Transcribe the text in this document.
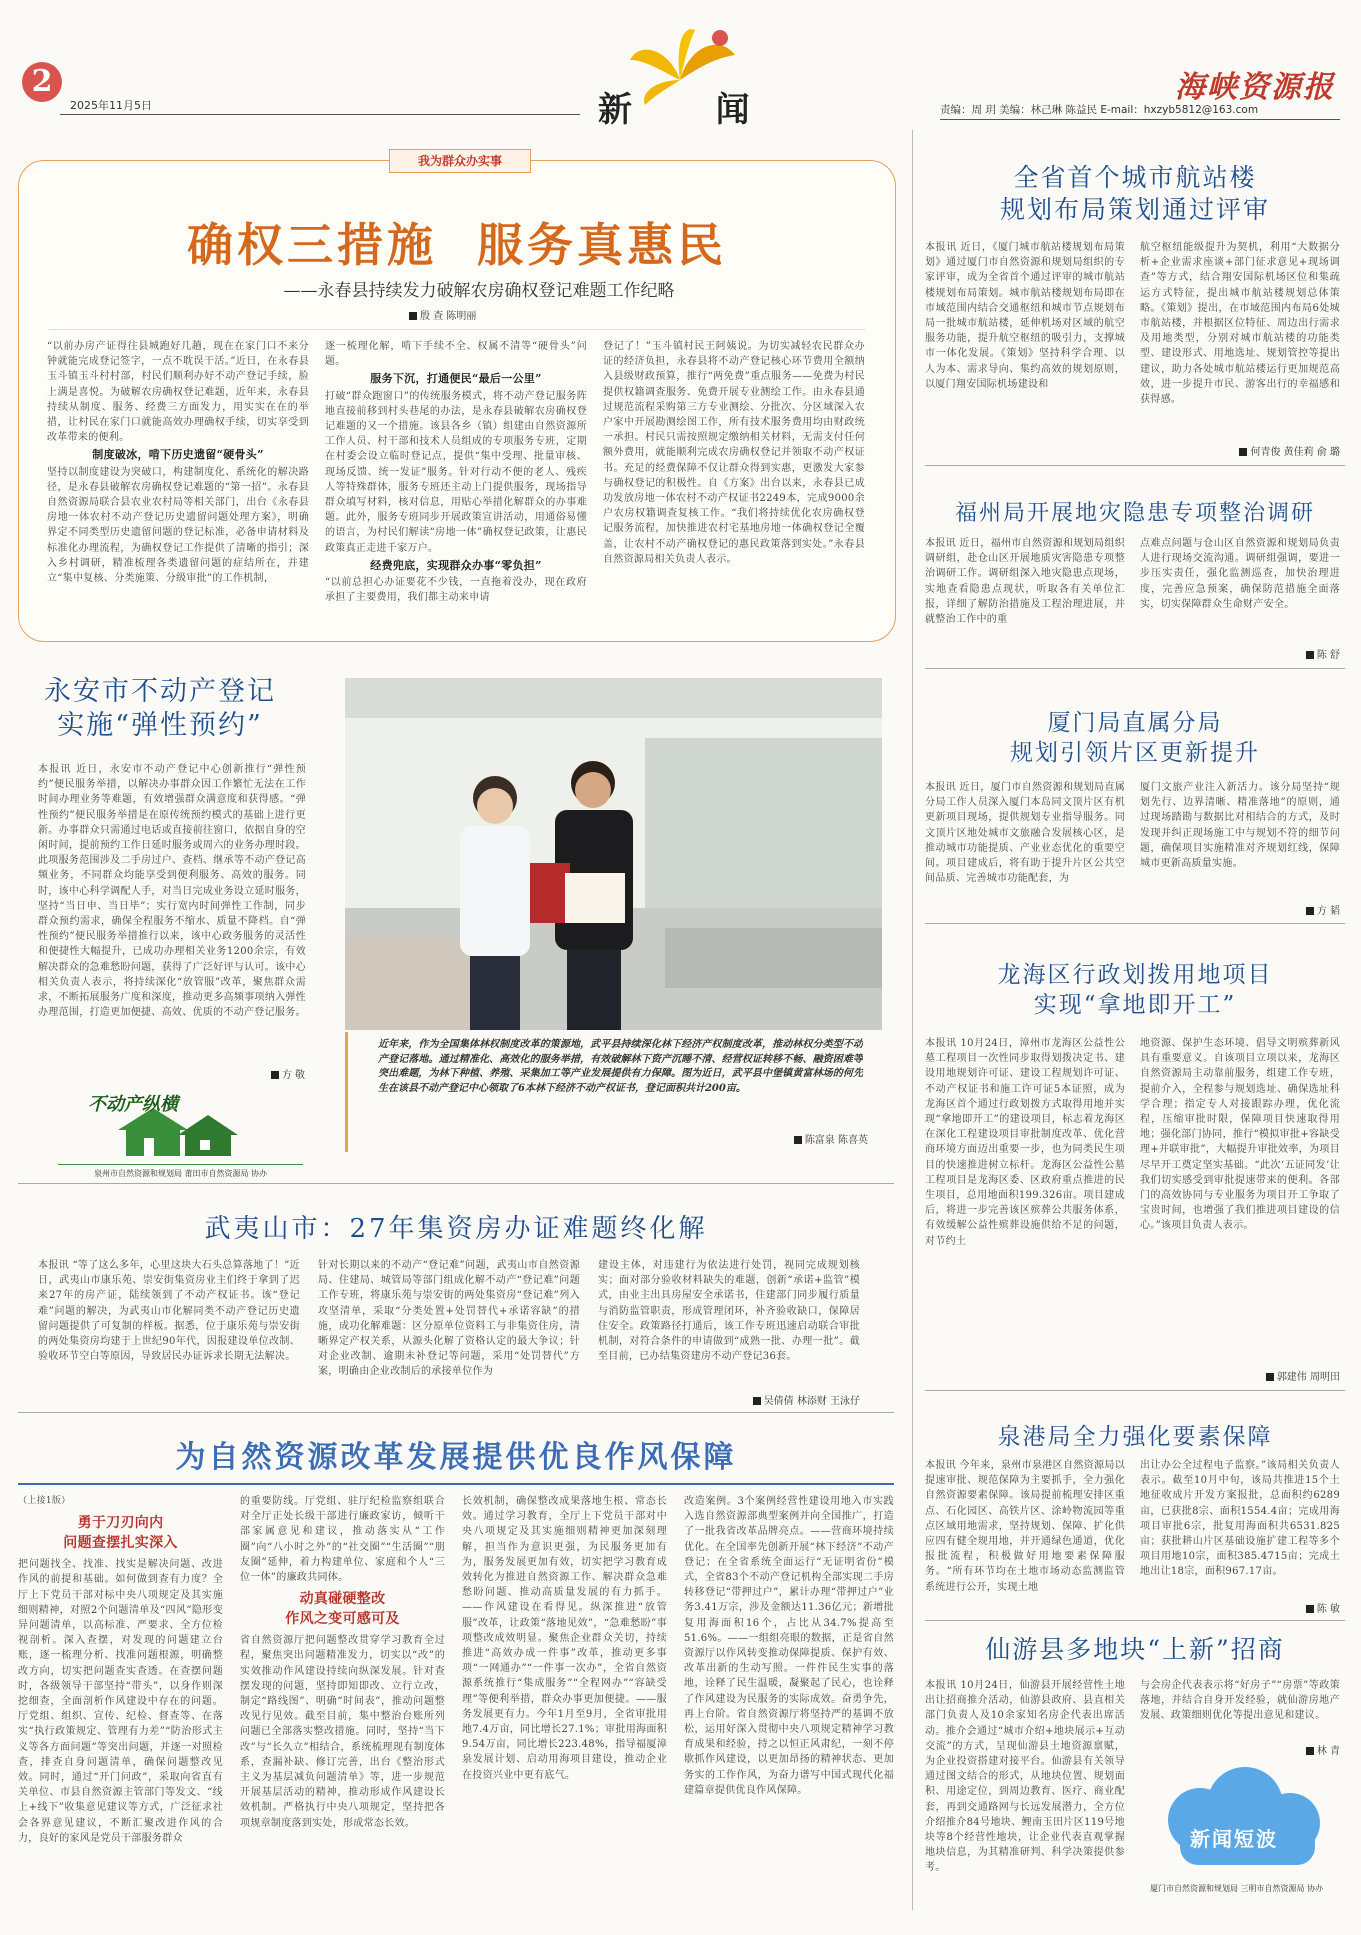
2
2025年11月5日	新  闻
海峡资源报
责编：周 玥 美编：林己琳 陈益民 E-mail：hxzyb5812@163.com
我为群众办实事
确权三措施  服务真惠民
——永春县持续发力破解农房确权登记难题工作纪略
殷 查 陈明丽
“以前办房产证得往县城跑好几趟，现在在家门口不来分钟就能完成登记签字，一点不耽误干活。”近日，在永春县玉斗镇玉斗村村部，村民们顺利办好不动产登记手续，脸上满是喜悦。为破解农房确权登记难题，近年来，永春县持续从制度、服务、经费三方面发力，用实实在在的举措，让村民在家门口就能高效办理确权手续，切实享受到改革带来的便利。
制度破冰，啃下历史遗留“硬骨头”
坚持以制度建设为突破口，构建制度化、系统化的解决路径，是永春县破解农房确权登记难题的“第一招”。永春县自然资源局联合县农业农村局等相关部门，出台《永春县房地一体农村不动产登记历史遗留问题处理方案》，明确界定不同类型历史遗留问题的登记标准，必备申请材料及标准化办理流程，为确权登记工作提供了清晰的指引；深入乡村调研，精准梳理各类遗留问题的症结所在，并建立“集中复核、分类施策、分级审批”的工作机制，
逐一梳理化解，啃下手续不全、权属不清等“硬骨头”问题。
服务下沉，打通便民“最后一公里”
打破“群众跑窗口”的传统服务模式，将不动产登记服务阵地直接前移到村头巷尾的办法，是永春县破解农房确权登记难题的又一个措施。该县各乡（镇）组建由自然资源所工作人员、村干部和技术人员组成的专项服务专班，定期在村委会设立临时登记点，提供“集中受理、批量审核、现场反馈、统一发证”服务。针对行动不便的老人、残疾人等特殊群体，服务专班还主动上门提供服务，现场指导群众填写材料，核对信息，用贴心举措化解群众的办事难题。此外，服务专班同步开展政策宣讲活动，用通俗易懂的语言，为村民们解读“房地一体”确权登记政策，让惠民政策真正走进千家万户。
经费兜底，实现群众办事“零负担”
“以前总担心办证要花不少钱，一直拖着没办，现在政府承担了主要费用，我们都主动来申请
登记了！”玉斗镇村民王阿姨说。为切实减轻农民群众办证的经济负担，永春县将不动产登记核心环节费用全额纳入县级财政预算，推行“两免费”重点服务——免费为村民提供权籍调查服务、免费开展专业测绘工作。由永春县通过规范流程采购第三方专业测绘、分批次、分区域深入农户家中开展勘测绘图工作，所有技术服务费用均由财政统一承担。村民只需按照规定缴纳相关材料，无需支付任何额外费用，就能顺利完成农房确权登记并领取不动产权证书。充足的经费保障不仅让群众得到实惠，更激发大家参与确权登记的积极性。自《方案》出台以来，永春县已成功发放房地一体农村不动产权证书2249本，完成9000余户农房权籍调查复核工作。“我们将持续优化农房确权登记服务流程，加快推进农村宅基地房地一体确权登记全覆盖，让农村不动产确权登记的惠民政策落到实处。”永春县自然资源局相关负责人表示。
全省首个城市航站楼
规划布局策划通过评审
本报讯 近日，《厦门城市航站楼规划布局策划》通过厦门市自然资源和规划局组织的专家评审，成为全省首个通过评审的城市航站楼规划布局策划。城市航站楼规划布局即在市域范围内结合交通枢纽和城市节点规划布局一批城市航站楼，延伸机场对区域的航空服务功能，提升航空枢纽的吸引力，支撑城市一体化发展。《策划》坚持科学合理、以人为本、需求导向、集约高效的规划原则，以厦门翔安国际机场建设和
航空枢纽能级提升为契机，利用“大数据分析+企业需求座谈+部门征求意见+现场调查”等方式，结合翔安国际机场区位和集疏运方式特征，提出城市航站楼规划总体策略。《策划》提出，在市域范围内布局6处城市航站楼，并根据区位特征、周边出行需求及用地类型，分别对城市航站楼的功能类型、建设形式、用地选址、规划管控等提出建议，助力各处城市航站楼运行更加规范高效，进一步提升市民、游客出行的幸福感和获得感。
何青俊 黄佳莉 俞 璐
福州局开展地灾隐患专项整治调研
本报讯 近日，福州市自然资源和规划局组织调研组，赴仓山区开展地质灾害隐患专项整治调研工作。调研组深入地灾隐患点现场，实地查看隐患点现状，听取各有关单位汇报，详细了解防治措施及工程治理进展，并就整治工作中的重
点难点问题与仓山区自然资源和规划局负责人进行现场交流沟通。调研组强调，要进一步压实责任，强化监测巡查，加快治理进度，完善应急预案，确保防范措施全面落实，切实保障群众生命财产安全。
陈 舒
厦门局直属分局
规划引领片区更新提升
本报讯 近日，厦门市自然资源和规划局直属分局工作人员深入厦门本岛同文顶片区有机更新项目现场，提供规划专业指导服务。同文顶片区地处城市文旅融合发展核心区，是推动城市功能提质、产业业态优化的重要空间。项目建成后，将有助于提升片区公共空间品质、完善城市功能配套，为
厦门文旅产业注入新活力。该分局坚持“规划先行、边界清晰、精准落地”的原则，通过现场踏勘与数据比对相结合的方式，及时发现并纠正现场施工中与规划不符的细节问题，确保项目实施精准对齐规划红线，保障城市更新高质量实施。
方 韬
龙海区行政划拨用地项目
实现“拿地即开工”
本报讯 10月24日，漳州市龙海区公益性公墓工程项目一次性同步取得划拨决定书、建设用地规划许可证、建设工程规划许可证、不动产权证书和施工许可证5本证照，成为龙海区首个通过行政划拨方式取得用地并实现“拿地即开工”的建设项目，标志着龙海区在深化工程建设项目审批制度改革、优化营商环境方面迈出重要一步，也为同类民生项目的快速推进树立标杆。龙海区公益性公墓工程项目是龙海区委、区政府重点推进的民生项目，总用地面积199.326亩。项目建成后，将进一步完善该区殡葬公共服务体系，有效缓解公益性殡葬设施供给不足的问题，对节约土
地资源、保护生态环境、倡导文明殡葬新风具有重要意义。自该项目立项以来，龙海区自然资源局主动靠前服务，组建工作专班，提前介入，全程参与规划选址、确保选址科学合理；指定专人对接跟踪办理，优化流程，压缩审批时限，保障项目快速取得用地；强化部门协同，推行“模拟审批+容缺受理+并联审批”，大幅提升审批效率，为项目尽早开工奠定坚实基础。“此次‘五证同发’让我们切实感受到审批提速带来的便利。各部门的高效协同与专业服务为项目开工争取了宝贵时间，也增强了我们推进项目建设的信心。”该项目负责人表示。
郭建伟 周明田
泉港局全力强化要素保障
本报讯 今年来，泉州市泉港区自然资源局以提速审批、规范保障为主要抓手，全力强化自然资源要素保障。该局提前梳理安排区重点、石化园区、高铁片区、涂岭物流园等重点区域用地需求，坚持规划、保障、扩化供应四有健全规用地，并开通绿色通道，优化报批流程，积极做好用地要素保障服务。“所有环节均在土地市场动态监测监管系统进行公开，实现土地
出让办公全过程电子监察。”该局相关负责人表示。截至10月中旬，该局共推进15个土地征收成片开发方案报批，总面积约6289亩，已获批8宗、面积1554.4亩；完成用海项目审批6宗，批复用海面积共6531.825亩；获批耕山片区基础设施扩建工程等多个项目用地10宗，面积385.4715亩；完成土地出让18宗，面积967.17亩。
陈 敏
仙游县多地块“上新”招商
本报讯 10月24日，仙游县开展经营性土地出让招商推介活动，仙游县政府、县直相关部门负责人及10余家知名房企代表出席活动。推介会通过“城市介绍+地块展示+互动交流”的方式，呈现仙游县土地资源禀赋，为企业投资搭建对接平台。仙游县有关领导通过图文结合的形式，从地块位置、规划面积、用途定位，到周边教育、医疗、商业配套，再到交通路网与长远发展潜力，全方位介绍推介84号地块、鲤南玉田片区119号地块等8个经营性地块，让企业代表直观掌握地块信息，为其精准研判、科学决策提供参考。
与会房企代表表示将“好房子”“房票”等政策落地，并结合自身开发经验，就仙游房地产发展、政策细则优化等提出意见和建议。
林 青
新闻短波
厦门市自然资源和规划局 三明市自然资源局 协办
永安市不动产登记
实施“弹性预约”
本报讯 近日，永安市不动产登记中心创新推行“弹性预约”便民服务举措，以解决办事群众因工作繁忙无法在工作时间办理业务等难题，有效增强群众满意度和获得感。“弹性预约”便民服务举措是在原传统预约模式的基础上进行更新。办事群众只需通过电话或直接前往窗口，依据自身的空闲时间，提前预约工作日延时服务或周六的业务办理时段。此项服务范围涉及二手房过户、查档、继承等不动产登记高频业务，不同群众均能享受到便利服务、高效的服务。同时，该中心科学调配人手，对当日完成业务设立延时服务，坚持“当日申、当日毕”；实行宽内时间弹性工作制，同步群众预约需求，确保全程服务不缩水、质量不降档。自“弹性预约”便民服务举措推行以来，该中心政务服务的灵活性和便捷性大幅提升，已成功办理相关业务1200余宗，有效解决群众的急难愁盼问题，获得了广泛好评与认可。该中心相关负责人表示，将持续深化“放管服”改革，聚焦群众需求，不断拓展服务广度和深度，推动更多高频事项纳入弹性办理范围，打造更加便捷、高效、优质的不动产登记服务。
方 敬
不动产纵横
泉州市自然资源和规划局 莆田市自然资源局 协办
近年来，作为全国集体林权制度改革的策源地，武平县持续深化林下经济产权制度改革，推动林权分类型不动产登记落地。通过精准化、高效化的服务举措，有效破解林下资产沉睡不清、经营权证转移不畅、融资困难等突出难题，为林下种植、养殖、采集加工等产业发展提供有力保障。图为近日，武平县中堡镇黄富林场的何先生在该县不动产登记中心领取了6本林下经济不动产权证书，登记面积共计200亩。
陈富泉 陈喜英
武夷山市：27年集资房办证难题终化解
本报讯 “等了这么多年，心里这块大石头总算落地了！”近日，武夷山市康乐苑、崇安街集资房业主们终于拿到了迟来27年的房产证，陆续领到了不动产权证书。该“登记难”问题的解决，为武夷山市化解同类不动产登记历史遗留问题提供了可复制的样板。据悉，位于康乐苑与崇安街的两处集资房均建于上世纪90年代，因报建设单位改制、验收环节空白等原因，导致居民办证诉求长期无法解决。
针对长期以来的不动产“登记难”问题，武夷山市自然资源局、住建局、城管局等部门组成化解不动产“登记难”问题工作专班，将康乐苑与崇安街的两处集资房“登记难”列入攻坚清单，采取“分类处置+处罚替代+承诺容缺”的措施，成功化解难题：区分原单位资料工与非集资住房，清晰界定产权关系，从源头化解了资格认定的最大争议；针对企业改制、逾期未补登记等问题，采用“处罚替代”方案，明确由企业改制后的承接单位作为
建设主体，对违建行为依法进行处罚，视同完成规划核实；面对部分验收材料缺失的难题，创新“承诺+监管”模式，由业主出具房屋安全承诺书，住建部门同步履行质量与消防监管职责，形成管理闭环，补齐验收缺口，保障居住安全。政策路径打通后，该工作专班迅速启动联合审批机制，对符合条件的申请做到“成熟一批、办理一批”。截至目前，已办结集资建房不动产登记36套。
吴倩倩 林添财 王泳仔
为自然资源改革发展提供优良作风保障
（上接1版）
勇于刀刃向内
问题查摆扎实深入
把问题找全、找准、找实是解决问题、改进作风的前提和基础。如何做到查有力度？全厅上下党员干部对标中央八项规定及其实施细则精神，对照2个问题清单及“四风”隐形变异问题清单，以高标准、严要求、全方位检视剖析。深入查摆，对发现的问题建立台账，逐一梳理分析、找准问题根源，明确整改方向，切实把问题查实查透。在查摆问题时，各级领导干部坚持“带头”，以身作则深挖细查，全面剖析作风建设中存在的问题。厅党组、组织、宣传、纪检、督查等、在落实“执行政策规定、管理有力差”“防治形式主义等各方面问题”等突出问题，并逐一对照检查，排查自身问题清单，确保问题整改见效。同时，通过“开门问政”，采取向省直有关单位、市县自然资源主管部门等发文、“线上+线下”收集意见建议等方式，广泛征求社会各界意见建议，不断汇聚改进作风的合力，良好的家风是党员干部服务群众
的重要防线。厅党组、驻厅纪检监察组联合对全厅正处长级干部进行廉政家访，倾听干部家属意见和建议，推动落实从“工作圈”向“八小时之外”的“社交圈”“生活圈”“朋友圈”延伸，着力构建单位、家庭和个人“三位一体”的廉政共同体。
动真碰硬整改
作风之变可感可及
省自然资源厅把问题整改贯穿学习教育全过程，聚焦突出问题精准发力，切实以“改”的实效推动作风建设持续向纵深发展。针对查摆发现的问题，坚持即知即改、立行立改，制定“路线图”、明确“时间表”，推动问题整改见行见效。截至目前，集中整治台账所列问题已全部落实整改措施。同时，坚持“当下改”与“长久立”相结合，系统梳理现有制度体系，查漏补缺、修订完善，出台《整治形式主义为基层减负问题清单》等，进一步规范开展基层活动的精神，推动形成作风建设长效机制。严格执行中央八项规定，坚持把各项规章制度落到实处，形成常态长效。
长效机制，确保整改成果落地生根、常态长效。通过学习教育，全厅上下党员干部对中央八项规定及其实施细则精神更加深刻理解，担当作为意识更强，为民服务更加有为，服务发展更加有效，切实把学习教育成效转化为推进自然资源工作、解决群众急难愁盼问题、推动高质量发展的有力抓手。——作风建设在看得见。纵深推进“放管服”改革，让政策“落地见效”，“急难愁盼”事项整改成效明显。聚焦企业群众关切，持续推进“高效办成一件事”改革，推动更多事项“一网通办”“一件事一次办”，全省自然资源系统推行“集成服务”“全程网办”“容缺受理”等便利举措，群众办事更加便捷。——服务发展更有力。今年1月至9月，全省审批用地7.4万亩，同比增长27.1%；审批用海面积9.54万亩，同比增长223.48%，指导福厦漳泉发展计划、启动用海项目建设，推动企业在投资兴业中更有底气。
改造案例。3个案例经营性建设用地入市实践入选自然资源部典型案例并向全国推广，打造了一批我省改革品牌亮点。——营商环境持续优化。在全国率先创新开展“林下经济”不动产登记；在全省系统全面运行“无证明省份”模式，全省83个不动产登记机构全部实现二手房转移登记“带押过户”，累计办理“带押过户”业务3.41万宗，涉及金额达11.36亿元；新增批复用海面积16个，占比从34.7%提高至51.6%。——一组组亮眼的数据，正是省自然资源厅以作风转变推动保障提质、保护有效、改革出新的生动写照。一件件民生实事的落地，诠释了民生温暖，凝聚起了民心，也诠释了作风建设为民服务的实际成效。奋勇争先，再上台阶。省自然资源厅将坚持严的基调不放松，运用好深入贯彻中央八项规定精神学习教育成果和经验，持之以恒正风肃纪，一刻不停歇抓作风建设，以更加昂扬的精神状态、更加务实的工作作风，为奋力谱写中国式现代化福建篇章提供优良作风保障。
